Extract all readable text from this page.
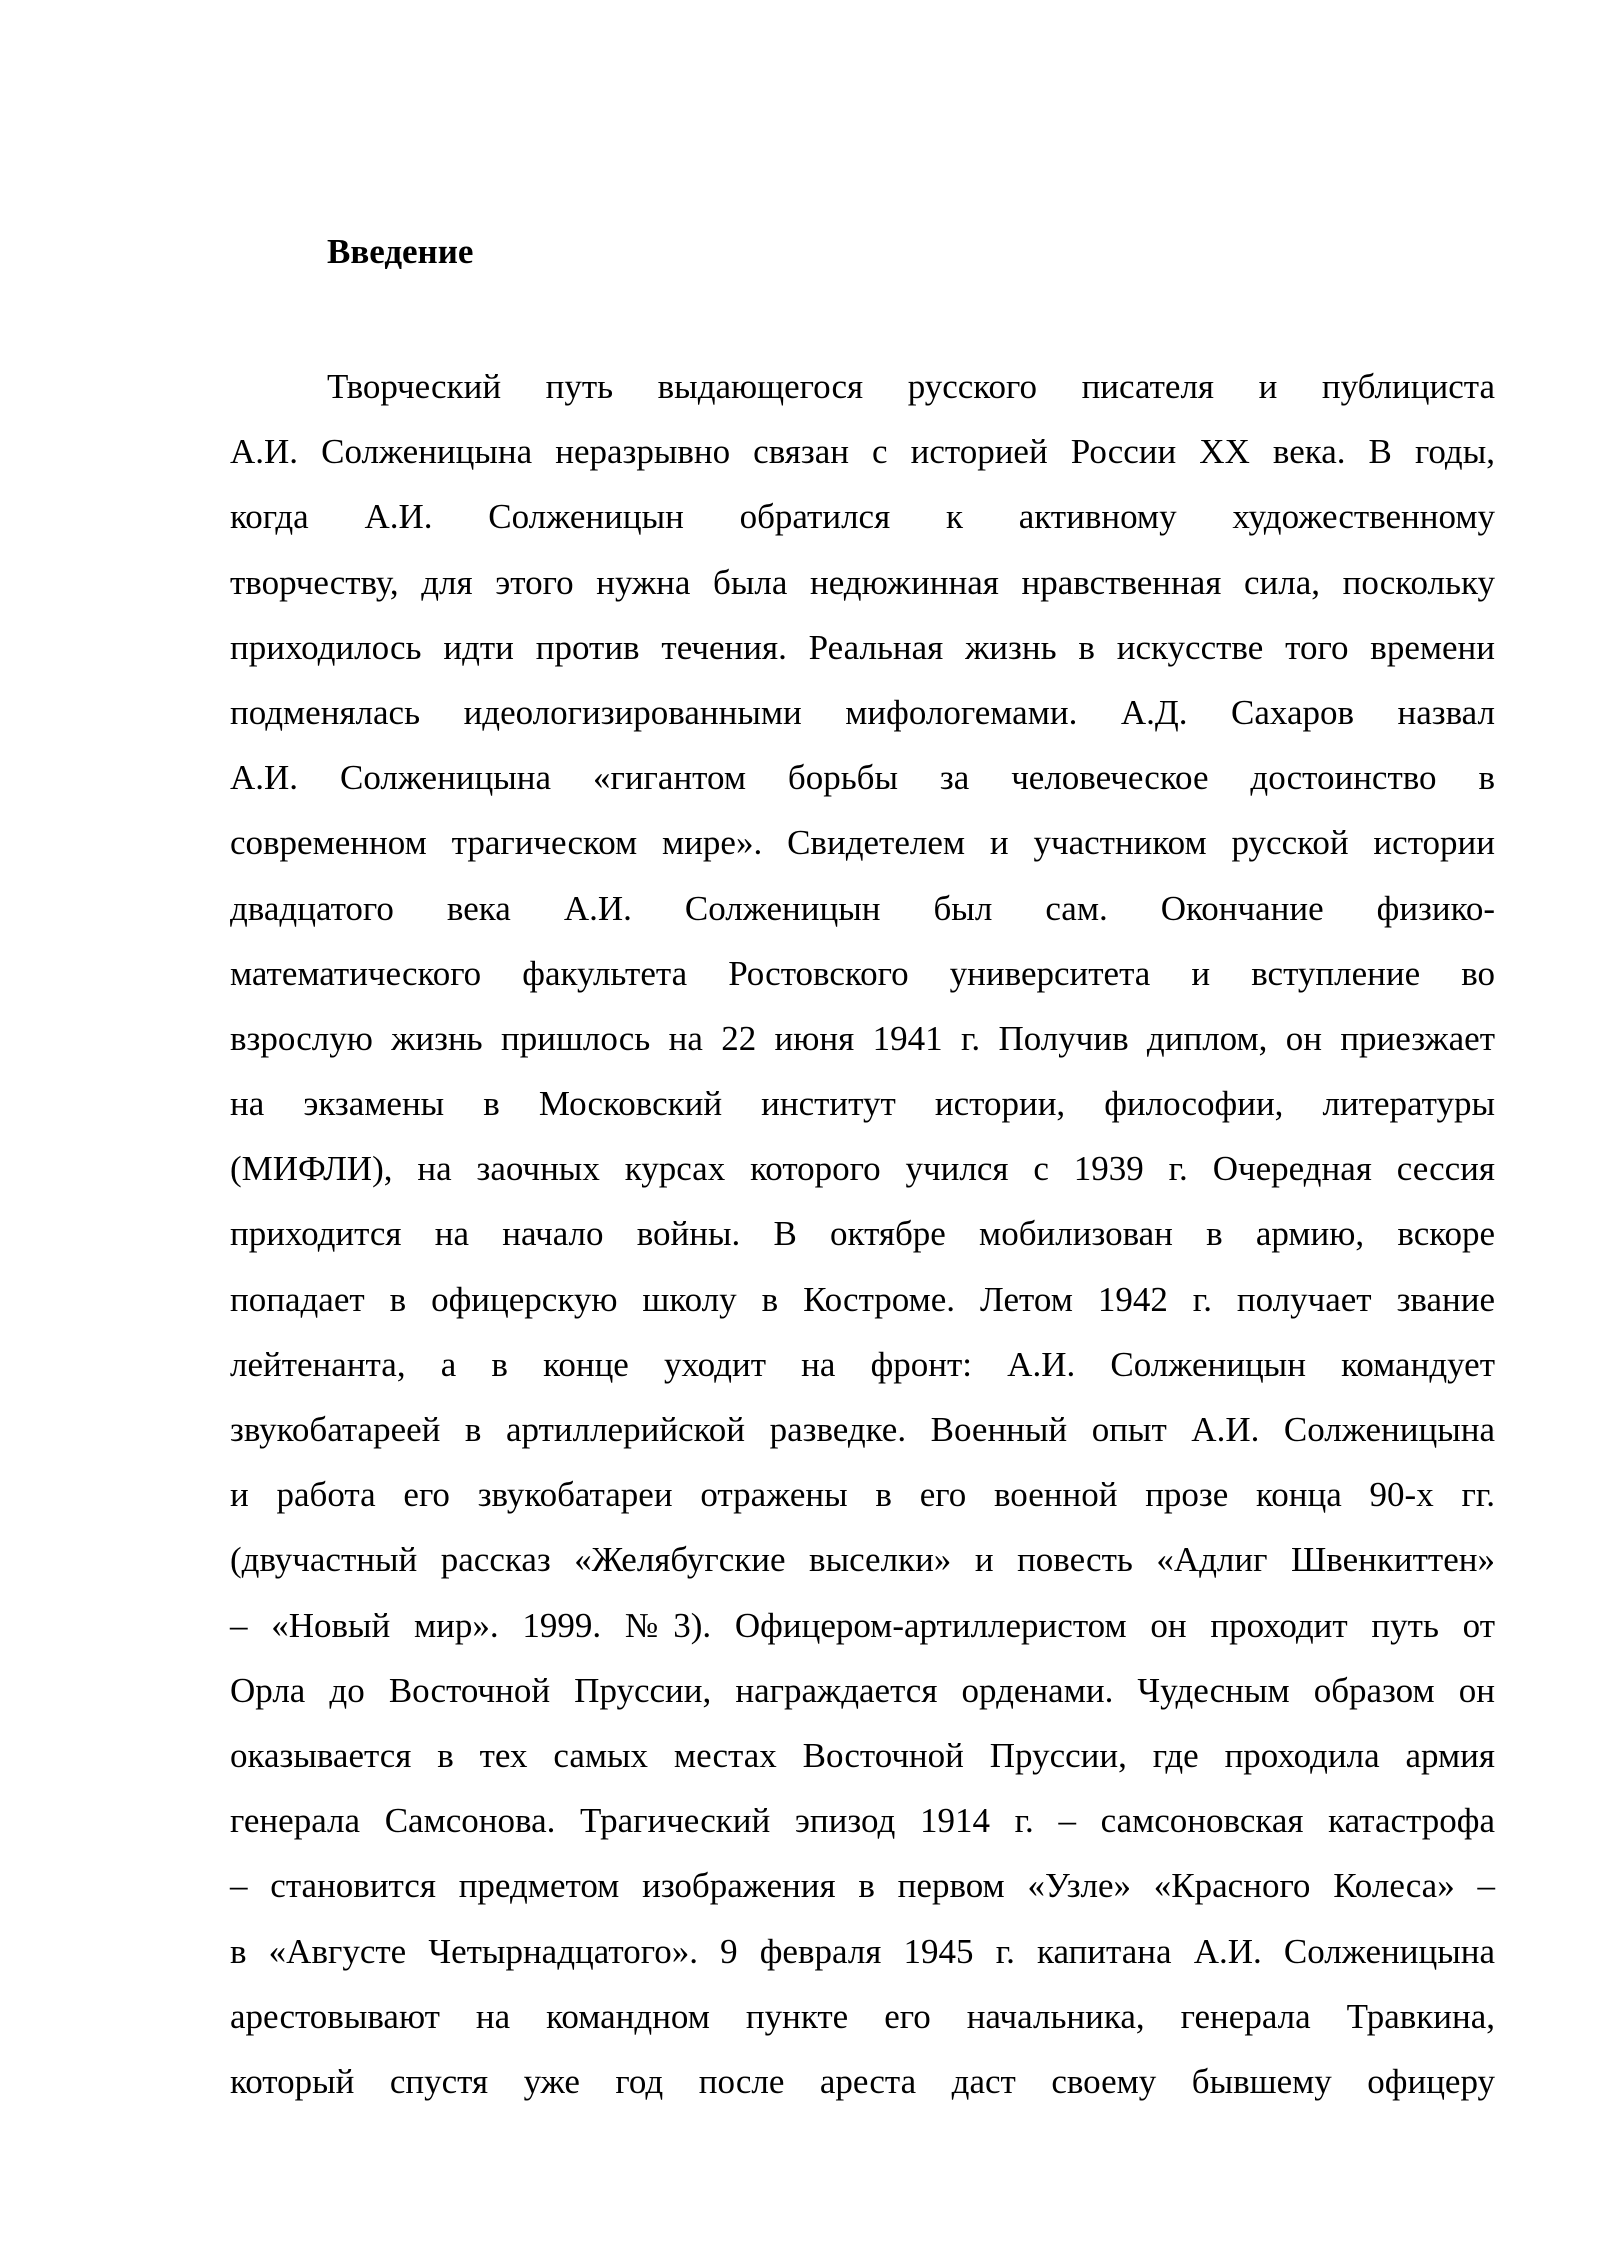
Введение
Творческий путь выдающегося русского писателя и публициста
А.И. Солженицына неразрывно связан с историей России XX века. В годы,
когда А.И. Солженицын обратился к активному художественному
творчеству, для этого нужна была недюжинная нравственная сила, поскольку
приходилось идти против течения. Реальная жизнь в искусстве того времени
подменялась идеологизированными мифологемами. А.Д. Сахаров назвал
А.И. Солженицына «гигантом борьбы за человеческое достоинство в
современном трагическом мире». Свидетелем и участником русской истории
двадцатого века А.И. Солженицын был сам. Окончание физико-
математического факультета Ростовского университета и вступление во
взрослую жизнь пришлось на 22 июня 1941 г. Получив диплом, он приезжает
на экзамены в Московский институт истории, философии, литературы
(МИФЛИ), на заочных курсах которого учился с 1939 г. Очередная сессия
приходится на начало войны. В октябре мобилизован в армию, вскоре
попадает в офицерскую школу в Костроме. Летом 1942 г. получает звание
лейтенанта, а в конце уходит на фронт: А.И. Солженицын командует
звукобатареей в артиллерийской разведке. Военный опыт А.И. Солженицына
и работа его звукобатареи отражены в его военной прозе конца 90-х гг.
(двучастный рассказ «Желябугские выселки» и повесть «Адлиг Швенкиттен»
– «Новый мир». 1999. №3). Офицером-артиллеристом он проходит путь от
Орла до Восточной Пруссии, награждается орденами. Чудесным образом он
оказывается в тех самых местах Восточной Пруссии, где проходила армия
генерала Самсонова. Трагический эпизод 1914 г. – самсоновская катастрофа
– становится предметом изображения в первом «Узле» «Красного Колеса» –
в «Августе Четырнадцатого». 9 февраля 1945 г. капитана А.И. Солженицына
арестовывают на командном пункте его начальника, генерала Травкина,
который спустя уже год после ареста даст своему бывшему офицеру
